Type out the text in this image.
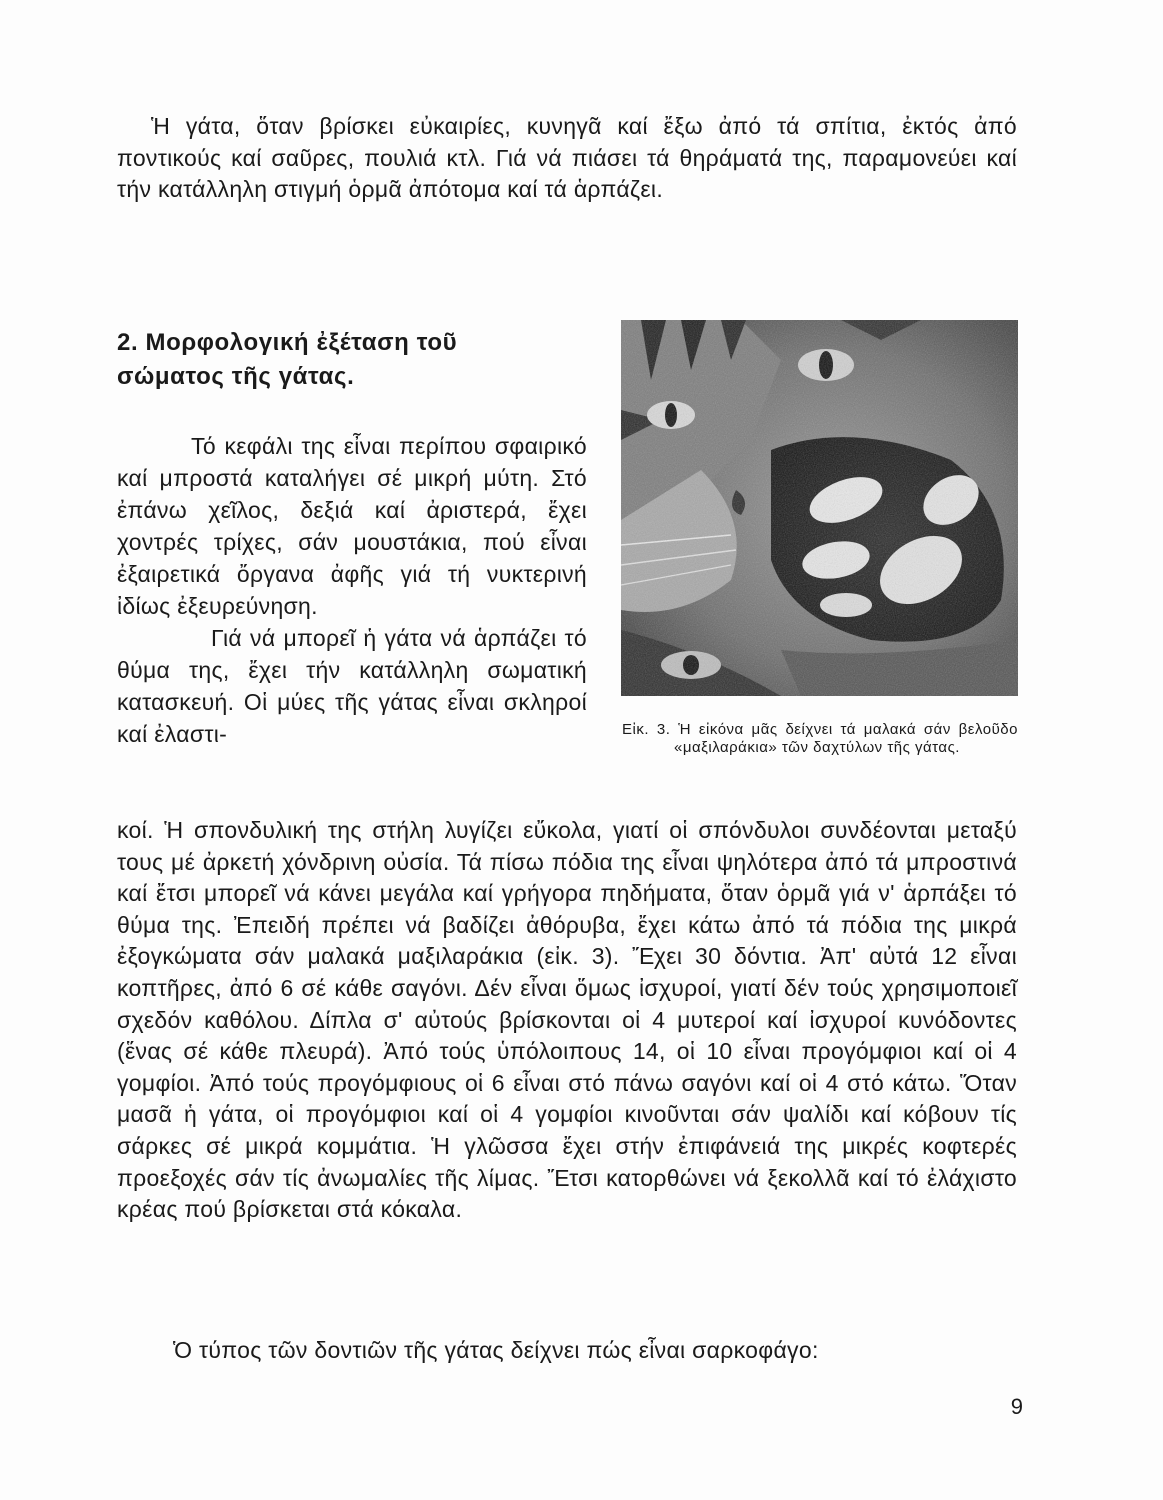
Ἡ γάτα, ὅταν βρίσκει εὐκαιρίες, κυνηγᾶ καί ἔξω ἀπό τά σπίτια, ἐκτός ἀπό ποντικούς καί σαῦρες, πουλιά κτλ. Γιά νά πιάσει τά θηράματά της, παραμονεύει καί τήν κατάλληλη στιγμή ὁρμᾶ ἀπότομα καί τά ἁρπάζει.

2. Μορφολογική ἐξέταση τοῦ σώματος τῆς γάτας.

Τό κεφάλι της εἶναι περίπου σφαιρικό καί μπροστά καταλήγει σέ μικρή μύτη. Στό ἐπάνω χεῖλος, δεξιά καί ἀριστερά, ἔχει χοντρές τρίχες, σάν μουστάκια, πού εἶναι ἐξαιρετικά ὄργανα ἀφῆς γιά τή νυκτερινή ἰδίως ἐξευρεύνηση.

Γιά νά μπορεῖ ἡ γάτα νά ἁρπάζει τό θύμα της, ἔχει τήν κατάλληλη σωματική κατασκευή. Οἱ μύες τῆς γάτας εἶναι σκληροί καί ἐλαστι-	Εἰκ. 3. Ἡ εἰκόνα μᾶς δείχνει τά μαλακά σάν βελοῦδο «μαξιλαράκια» τῶν δαχτύλων τῆς γάτας.

κοί. Ἡ σπονδυλική της στήλη λυγίζει εὔκολα, γιατί οἱ σπόνδυλοι συνδέονται μεταξύ τους μέ ἀρκετή χόνδρινη οὐσία. Τά πίσω πόδια της εἶναι ψηλότερα ἀπό τά μπροστινά καί ἔτσι μπορεῖ νά κάνει μεγάλα καί γρήγορα πηδήματα, ὅταν ὁρμᾶ γιά ν' ἁρπάξει τό θύμα της. Ἐπειδή πρέπει νά βαδίζει ἀθόρυβα, ἔχει κάτω ἀπό τά πόδια της μικρά ἐξογκώματα σάν μαλακά μαξιλαράκια (εἰκ. 3). Ἔχει 30 δόντια. Ἀπ' αὐτά 12 εἶναι κοπτῆρες, ἀπό 6 σέ κάθε σαγόνι. Δέν εἶναι ὅμως ἰσχυροί, γιατί δέν τούς χρησιμοποιεῖ σχεδόν καθόλου. Δίπλα σ' αὐτούς βρίσκονται οἱ 4 μυτεροί καί ἰσχυροί κυνόδοντες (ἕνας σέ κάθε πλευρά). Ἀπό τούς ὑπόλοιπους 14, οἱ 10 εἶναι προγόμφιοι καί οἱ 4 γομφίοι. Ἀπό τούς προγόμφιους οἱ 6 εἶναι στό πάνω σαγόνι καί οἱ 4 στό κάτω. Ὅταν μασᾶ ἡ γάτα, οἱ προγόμφιοι καί οἱ 4 γομφίοι κινοῦνται σάν ψαλίδι καί κόβουν τίς σάρκες σέ μικρά κομμάτια. Ἡ γλῶσσα ἔχει στήν ἐπιφάνειά της μικρές κοφτερές προεξοχές σάν τίς ἀνωμαλίες τῆς λίμας. Ἔτσι κατορθώνει νά ξεκολλᾶ καί τό ἐλάχιστο κρέας πού βρίσκεται στά κόκαλα.

Ὁ τύπος τῶν δοντιῶν τῆς γάτας δείχνει πώς εἶναι σαρκοφάγο:

9
